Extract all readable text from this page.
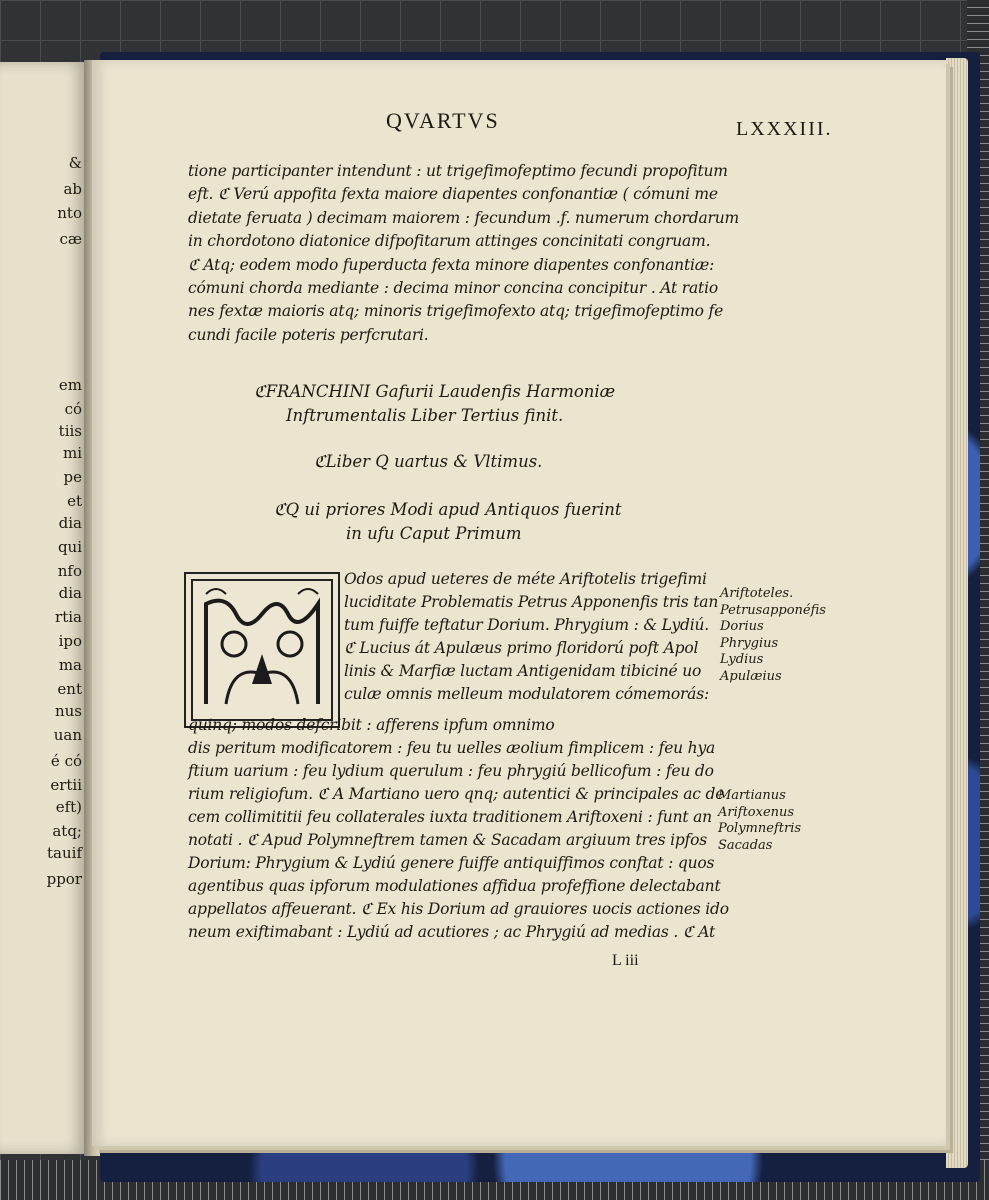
&
ab
nto
cæ
em
có
tiis
mi
pe
et
dia
qui
nfo
dia
rtia
ipo
ma
ent
nus
uan
é có
ertii
eft)
atq;
tauif
ppor
QVARTVS	LXXXIII.
tione participanter intendunt : ut trigefimofeptimo fecundi propofitum
eft. ℭ Verú appofita fexta maiore diapentes confonantiæ ( cómuni me
dietate feruata ) decimam maiorem : fecundum .f. numerum chordarum
in chordotono diatonice difpofitarum attinges concinitati congruam.
ℭ Atq; eodem modo fuperducta fexta minore diapentes confonantiæ:
cómuni chorda mediante : decima minor concina concipitur . At ratio
nes fextæ maioris atq; minoris trigefimofexto atq; trigefimofeptimo fe
cundi facile poteris perfcrutari.
ℭFRANCHINI Gafurii Laudenfis Harmoniæ
Inftrumentalis Liber Tertius finit.
ℭLiber Q uartus & Vltimus.
ℭQ ui priores Modi apud Antiquos fuerint
in ufu Caput Primum
Odos apud ueteres de méte Ariftotelis trigefimi
luciditate Problematis Petrus Apponenfis tris tan
tum fuiffe teftatur Dorium. Phrygium : & Lydiú.
ℭ Lucius át Apulæus primo floridorú poft Apol
linis & Marfiæ luctam Antigenidam tibiciné uo
culæ omnis melleum modulatorem cómemorás:
quinq; modos defcribit : afferens ipfum omnimo
dis peritum modificatorem : feu tu uelles æolium fimplicem : feu hya
ftium uarium : feu lydium querulum : feu phrygiú bellicofum : feu do
rium religiofum. ℭ A Martiano uero qnq; autentici & principales ac de
cem collimititii feu collaterales iuxta traditionem Ariftoxeni : funt an
notati . ℭ Apud Polymneftrem tamen & Sacadam argiuum tres ipfos
Dorium: Phrygium & Lydiú genere fuiffe antiquiffimos conftat : quos
agentibus quas ipforum modulationes affidua profeffione delectabant
appellatos affeuerant. ℭ Ex his Dorium ad grauiores uocis actiones ido
neum exiftimabant : Lydiú ad acutiores ; ac Phrygiú ad medias . ℭ At
Ariftoteles.
Petrusapponéfis
Dorius
Phrygius
Lydius
Apulæius
Martianus
Ariftoxenus
Polymneftris
Sacadas
L iii
